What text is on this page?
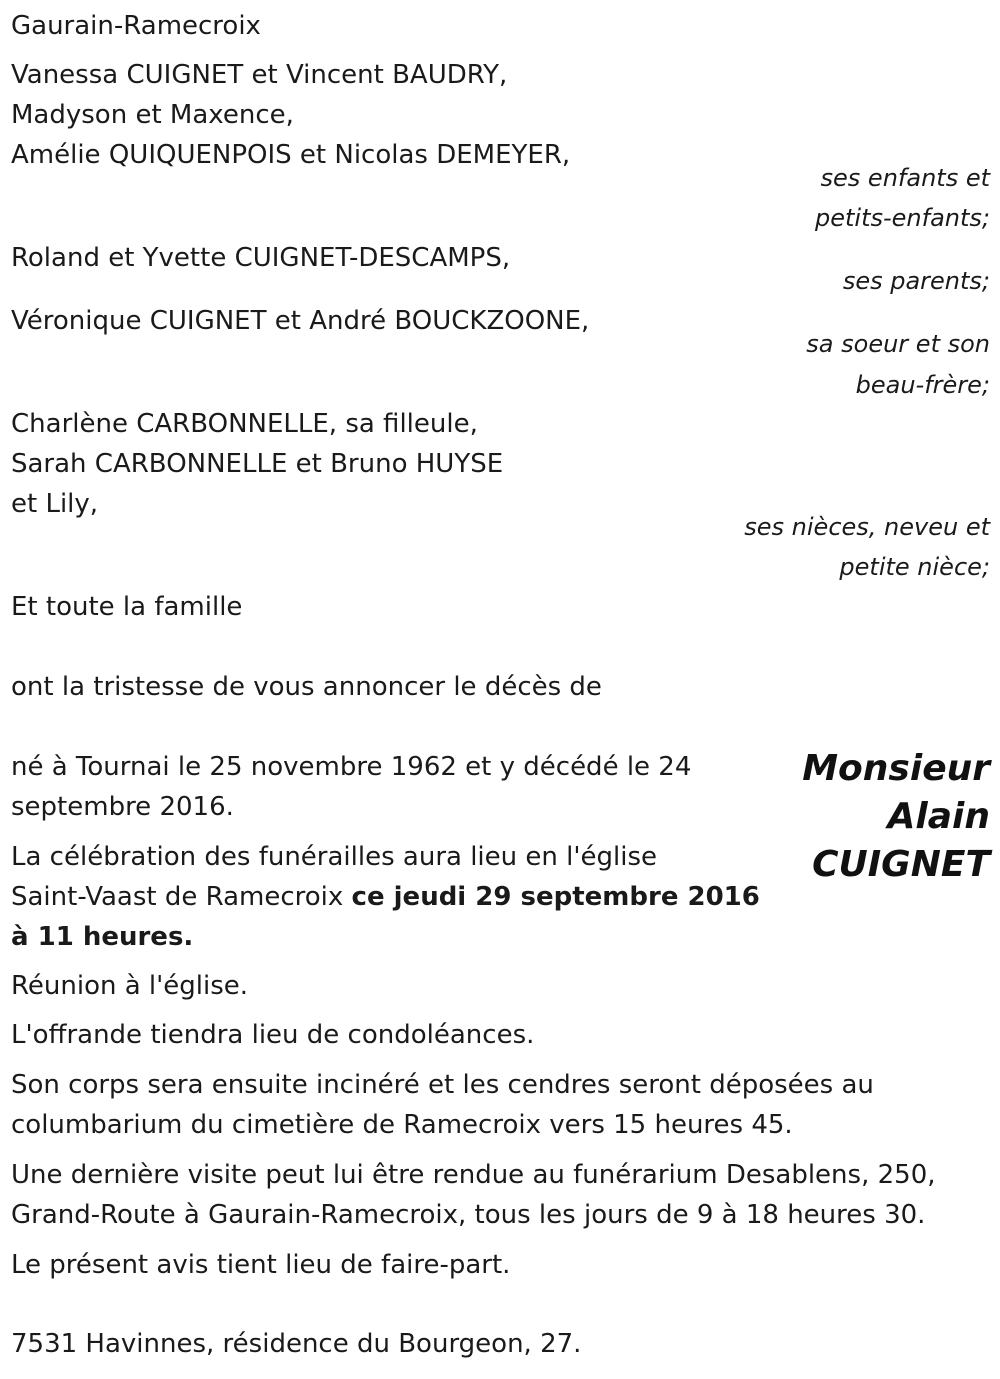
Gaurain-Ramecroix
Vanessa CUIGNET et Vincent BAUDRY,
Madyson et Maxence,
Amélie QUIQUENPOIS et Nicolas DEMEYER,
ses enfants et
petits-enfants;
Roland et Yvette CUIGNET-DESCAMPS,
ses parents;
Véronique CUIGNET et André BOUCKZOONE,
sa soeur et son
beau-frère;
Charlène CARBONNELLE, sa filleule,
Sarah CARBONNELLE et Bruno HUYSE
et Lily,
ses nièces, neveu et
petite nièce;
Et toute la famille
ont la tristesse de vous annoncer le décès de
Monsieur
Alain
CUIGNET
né à Tournai le 25 novembre 1962 et y décédé le 24
septembre 2016.
La célébration des funérailles aura lieu en l'église
Saint-Vaast de Ramecroix ce jeudi 29 septembre 2016
à 11 heures.
Réunion à l'église.
L'offrande tiendra lieu de condoléances.
Son corps sera ensuite incinéré et les cendres seront déposées au
columbarium du cimetière de Ramecroix vers 15 heures 45.
Une dernière visite peut lui être rendue au funérarium Desablens, 250,
Grand-Route à Gaurain-Ramecroix, tous les jours de 9 à 18 heures 30.
Le présent avis tient lieu de faire-part.
7531 Havinnes, résidence du Bourgeon, 27.
